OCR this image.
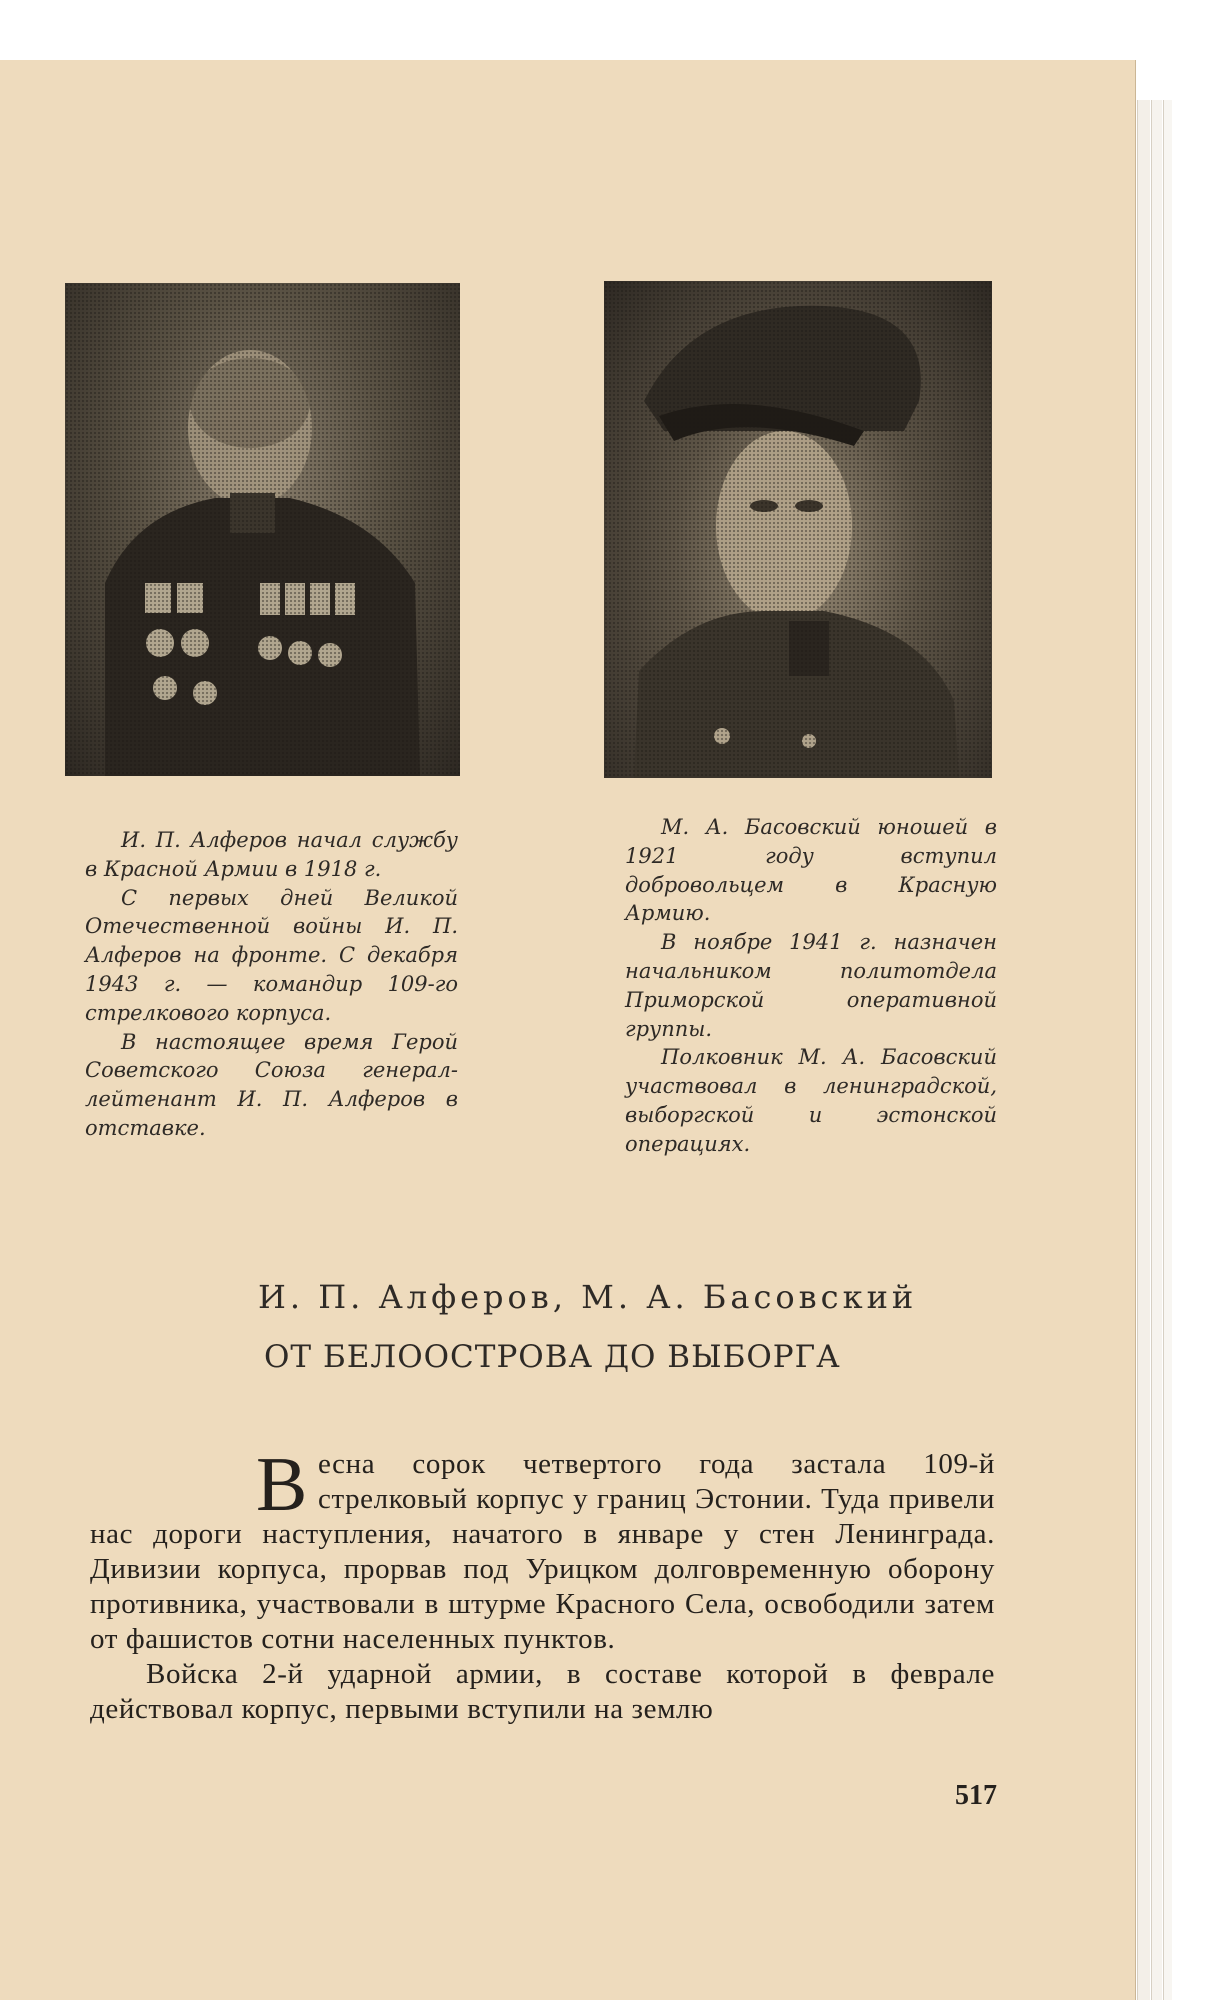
И. П. Алферов начал службу в Красной Армии в 1918 г.

С первых дней Великой Отечественной войны И. П. Алферов на фронте. С декабря 1943 г. — командир 109-го стрелкового корпуса.

В настоящее время Герой Советского Союза генерал-лейтенант И. П. Алферов в отставке.

М. А. Басовский юношей в 1921 году вступил добровольцем в Красную Армию.

В ноябре 1941 г. назначен начальником политотдела Приморской оперативной группы.

Полковник М. А. Басовский участвовал в ленинградской, выборгской и эстонской операциях.

И. П. Алферов, М. А. Басовский
ОТ БЕЛООСТРОВА ДО ВЫБОРГА

Весна сорок четвертого года застала 109-й стрелковый корпус у границ Эстонии. Туда привели нас дороги наступления, начатого в январе у стен Ленинграда. Дивизии корпуса, прорвав под Урицком долговременную оборону противника, участвовали в штурме Красного Села, освободили затем от фашистов сотни населенных пунктов.

Войска 2-й ударной армии, в составе которой в феврале действовал корпус, первыми вступили на землю

517
